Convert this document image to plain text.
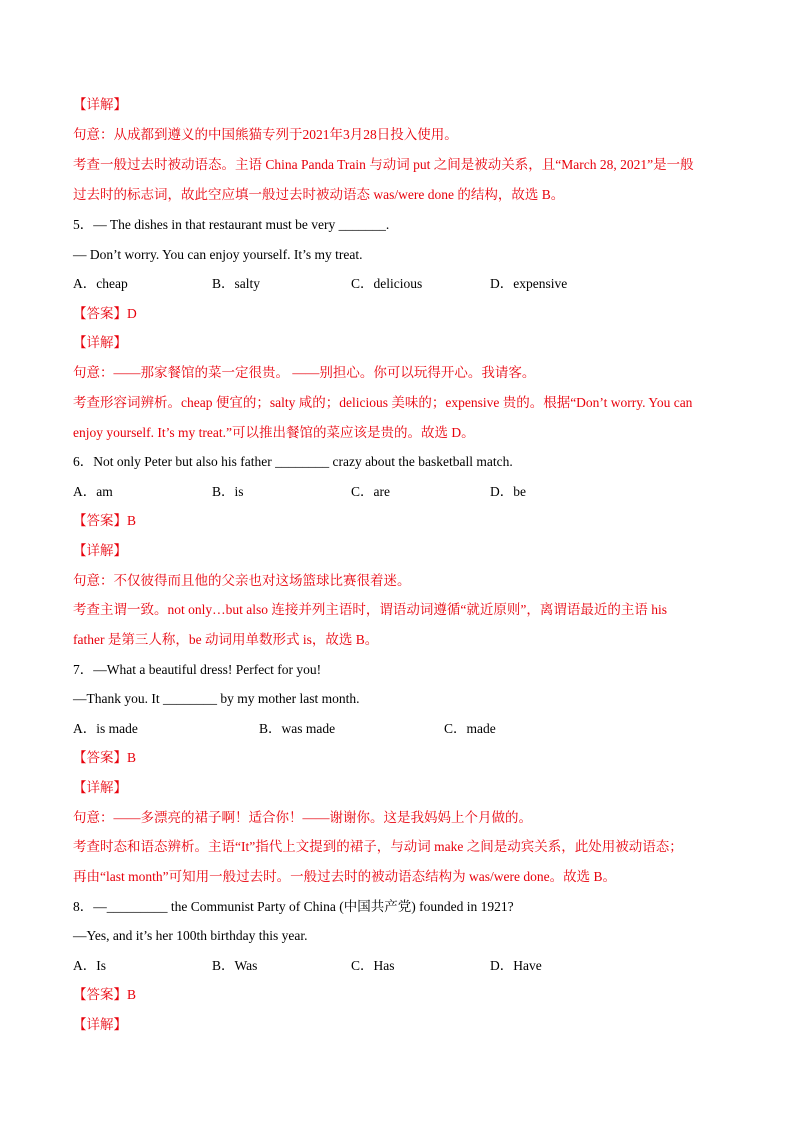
【详解】
句意：从成都到遵义的中国熊猫专列于2021年3月28日投入使用。
考查一般过去时被动语态。主语 China Panda Train 与动词 put 之间是被动关系，且“March 28, 2021”是一般
过去时的标志词，故此空应填一般过去时被动语态 was/were done 的结构，故选 B。
5．— The dishes in that restaurant must be very _______.
— Don’t worry. You can enjoy yourself. It’s my treat.
A．cheap	B．salty	C．delicious	D．expensive
【答案】D
【详解】
句意：——那家餐馆的菜一定很贵。 ——别担心。你可以玩得开心。我请客。
考查形容词辨析。cheap 便宜的；salty 咸的；delicious 美味的；expensive 贵的。根据“Don’t worry. You can
enjoy yourself. It’s my treat.”可以推出餐馆的菜应该是贵的。故选 D。
6．Not only Peter but also his father ________ crazy about the basketball match.
A．am	B．is	C．are	D．be
【答案】B
【详解】
句意：不仅彼得而且他的父亲也对这场篮球比赛很着迷。
考查主谓一致。not only…but also 连接并列主语时，谓语动词遵循“就近原则”，离谓语最近的主语 his
father 是第三人称，be 动词用单数形式 is，故选 B。
7．—What a beautiful dress! Perfect for you!
—Thank you. It ________ by my mother last month.
A．is made	B．was made	C．made
【答案】B
【详解】
句意：——多漂亮的裙子啊！适合你！——谢谢你。这是我妈妈上个月做的。
考查时态和语态辨析。主语“It”指代上文提到的裙子，与动词 make 之间是动宾关系，此处用被动语态；
再由“last month”可知用一般过去时。一般过去时的被动语态结构为 was/were done。故选 B。
8．—_________ the Communist Party of China (中国共产党) founded in 1921?
—Yes, and it’s her 100th birthday this year.
A．Is	B．Was	C．Has	D．Have
【答案】B
【详解】
